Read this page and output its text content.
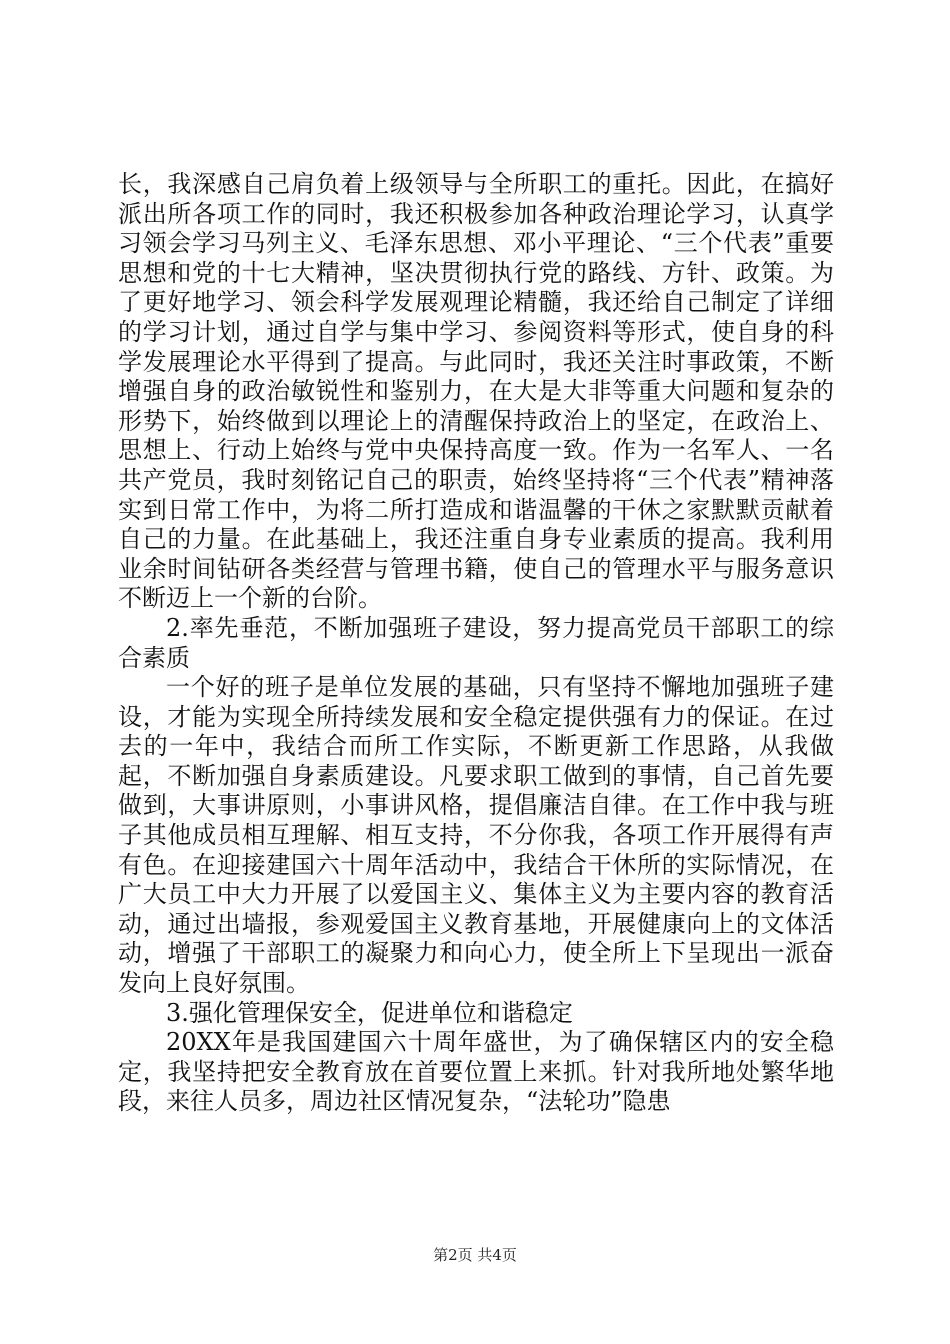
长，我深感自己肩负着上级领导与全所职工的重托。因此，在搞好派出所各项工作的同时，我还积极参加各种政治理论学习，认真学习领会学习马列主义、毛泽东思想、邓小平理论、“三个代表”重要思想和党的十七大精神，坚决贯彻执行党的路线、方针、政策。为了更好地学习、领会科学发展观理论精髓，我还给自己制定了详细的学习计划，通过自学与集中学习、参阅资料等形式，使自身的科学发展理论水平得到了提高。与此同时，我还关注时事政策，不断增强自身的政治敏锐性和鉴别力，在大是大非等重大问题和复杂的形势下，始终做到以理论上的清醒保持政治上的坚定，在政治上、思想上、行动上始终与党中央保持高度一致。作为一名军人、一名共产党员，我时刻铭记自己的职责，始终坚持将“三个代表”精神落实到日常工作中，为将二所打造成和谐温馨的干休之家默默贡献着自己的力量。在此基础上，我还注重自身专业素质的提高。我利用业余时间钻研各类经营与管理书籍，使自己的管理水平与服务意识不断迈上一个新的台阶。

2.率先垂范，不断加强班子建设，努力提高党员干部职工的综合素质

一个好的班子是单位发展的基础，只有坚持不懈地加强班子建设，才能为实现全所持续发展和安全稳定提供强有力的保证。在过去的一年中，我结合而所工作实际，不断更新工作思路，从我做起，不断加强自身素质建设。凡要求职工做到的事情，自己首先要做到，大事讲原则，小事讲风格，提倡廉洁自律。在工作中我与班子其他成员相互理解、相互支持，不分你我，各项工作开展得有声有色。在迎接建国六十周年活动中，我结合干休所的实际情况，在广大员工中大力开展了以爱国主义、集体主义为主要内容的教育活动，通过出墙报，参观爱国主义教育基地，开展健康向上的文体活动，增强了干部职工的凝聚力和向心力，使全所上下呈现出一派奋发向上良好氛围。

3.强化管理保安全，促进单位和谐稳定

20XX年是我国建国六十周年盛世，为了确保辖区内的安全稳定，我坚持把安全教育放在首要位置上来抓。针对我所地处繁华地段，来往人员多，周边社区情况复杂，“法轮功”隐患

第2页 共4页
